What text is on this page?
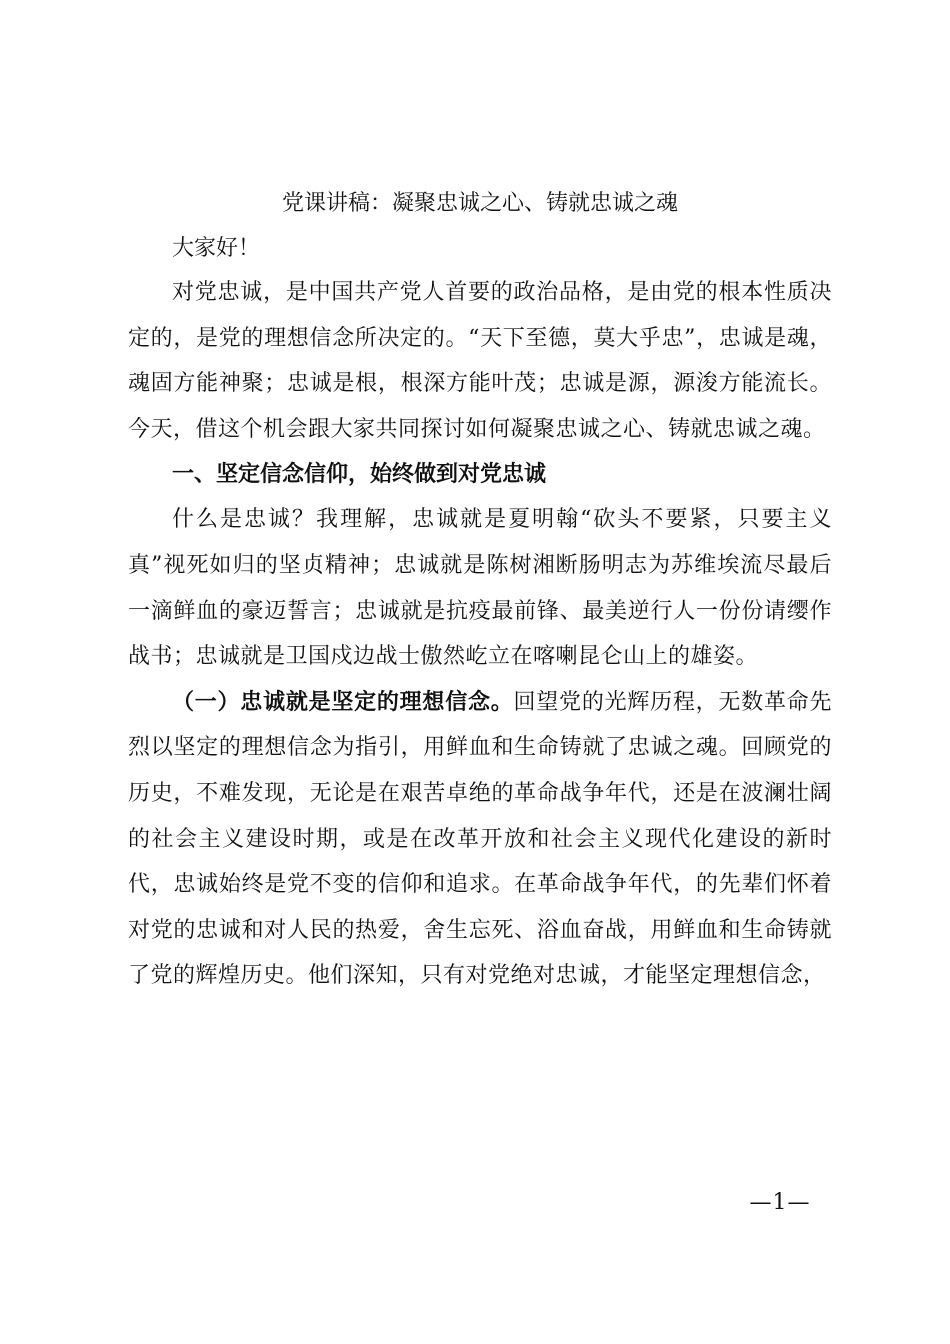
党课讲稿：凝聚忠诚之心、铸就忠诚之魂

大家好！

对党忠诚，是中国共产党人首要的政治品格，是由党的根本性质决定的，是党的理想信念所决定的。“天下至德，莫大乎忠”，忠诚是魂，魂固方能神聚；忠诚是根，根深方能叶茂；忠诚是源，源浚方能流长。今天，借这个机会跟大家共同探讨如何凝聚忠诚之心、铸就忠诚之魂。

一、坚定信念信仰，始终做到对党忠诚

什么是忠诚？我理解，忠诚就是夏明翰“砍头不要紧，只要主义真”视死如归的坚贞精神；忠诚就是陈树湘断肠明志为苏维埃流尽最后一滴鲜血的豪迈誓言；忠诚就是抗疫最前锋、最美逆行人一份份请缨作战书；忠诚就是卫国戍边战士傲然屹立在喀喇昆仑山上的雄姿。

（一）忠诚就是坚定的理想信念。回望党的光辉历程，无数革命先烈以坚定的理想信念为指引，用鲜血和生命铸就了忠诚之魂。回顾党的历史，不难发现，无论是在艰苦卓绝的革命战争年代，还是在波澜壮阔的社会主义建设时期，或是在改革开放和社会主义现代化建设的新时代，忠诚始终是党不变的信仰和追求。在革命战争年代，的先辈们怀着对党的忠诚和对人民的热爱，舍生忘死、浴血奋战，用鲜血和生命铸就了党的辉煌历史。他们深知，只有对党绝对忠诚，才能坚定理想信念，

—1—
